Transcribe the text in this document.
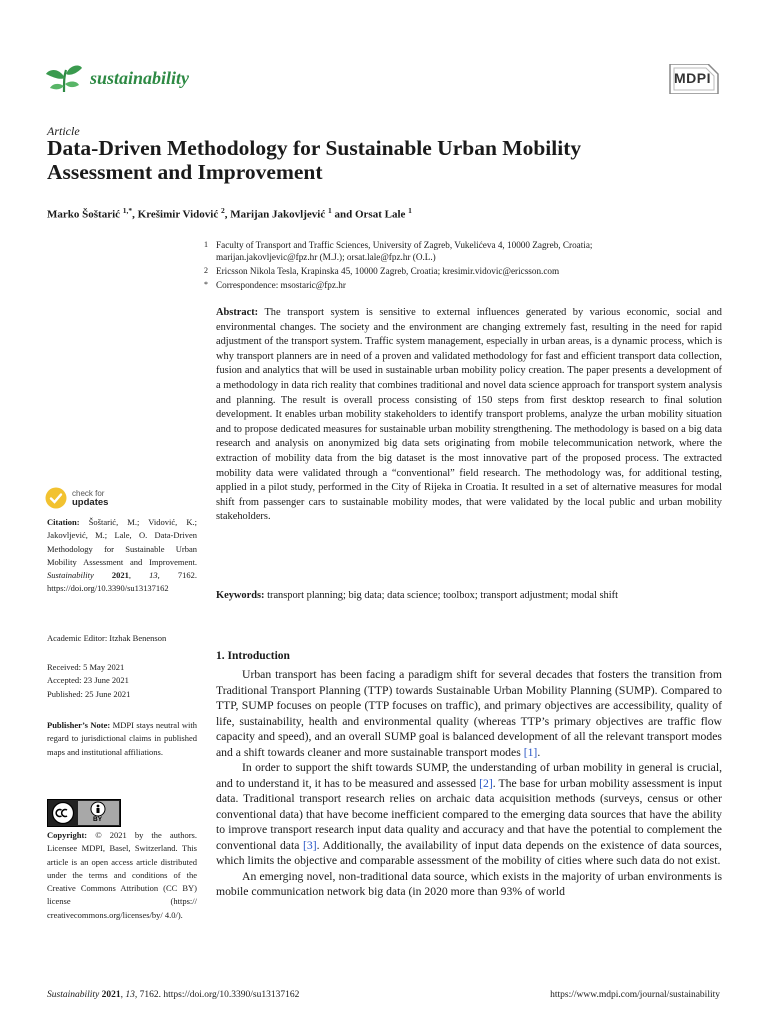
sustainability	MDPI
Article
Data-Driven Methodology for Sustainable Urban Mobility
Assessment and Improvement
Marko Šoštarić $^{1,*}$, Krešimir Vidović $^2$, Marijan Jakovljević $^1$ and Orsat Lale $^1$
1 Faculty of Transport and Traffic Sciences, University of Zagreb, Vukelićeva 4, 10000 Zagreb, Croatia;
marijan.jakovljevic@fpz.hr (M.J.); orsat.lale@fpz.hr (O.L.)
2 Ericsson Nikola Tesla, Krapinska 45, 10000 Zagreb, Croatia; kresimir.vidovic@ericsson.com
* Correspondence: msostaric@fpz.hr
Abstract: The transport system is sensitive to external influences generated by various economic, social and environmental changes. The society and the environment are changing extremely fast, resulting in the need for rapid adjustment of the transport system. Traffic system management, especially in urban areas, is a dynamic process, which is why transport planners are in need of a proven and validated methodology for fast and efficient transport data collection, fusion and analytics that will be used in sustainable urban mobility policy creation. The paper presents a development of a methodology in data rich reality that combines traditional and novel data science approach for transport system analysis and planning. The result is overall process consisting of 150 steps from first desktop research to final solution development. It enables urban mobility stakeholders to identify transport problems, analyze the urban mobility situation and to propose dedicated measures for sustainable urban mobility strengthening. The methodology is based on a big data research and analysis on anonymized big data sets originating from mobile telecommunication network, where the extraction of mobility data from the big dataset is the most innovative part of the proposed process. The extracted mobility data were validated through a “conventional” field research. The methodology was, for additional testing, applied in a pilot study, performed in the City of Rijeka in Croatia. It resulted in a set of alternative measures for modal shift from passenger cars to sustainable mobility modes, that were validated by the local public and urban mobility stakeholders.
Keywords: transport planning; big data; data science; toolbox; transport adjustment; modal shift
1. Introduction

Urban transport has been facing a paradigm shift for several decades that fosters the transition from Traditional Transport Planning (TTP) towards Sustainable Urban Mobility Planning (SUMP). Compared to TTP, SUMP focuses on people (TTP focuses on traffic), and primary objectives are accessibility, quality of life, sustainability, health and environmental quality (whereas TTP’s primary objectives are traffic flow capacity and speed), and an overall SUMP goal is balanced development of all the relevant transport modes and a shift towards cleaner and more sustainable transport modes [1].

In order to support the shift towards SUMP, the understanding of urban mobility in general is crucial, and to understand it, it has to be measured and assessed [2]. The base for urban mobility assessment is input data. Traditional transport research relies on archaic data acquisition methods (surveys, census or other conventional data) that have become inefficient compared to the emerging data sources that have the ability to improve transport research input data quality and accuracy and that have the potential to complement the conventional data [3]. Additionally, the availability of input data depends on the existence of data sources, which limits the objective and comparable assessment of the mobility of cities where such data do not exist.

An emerging novel, non-traditional data source, which exists in the majority of urban environments is mobile communication network big data (in 2020 more than 93% of world

check for
updates
Citation: Šoštarić, M.; Vidović, K.; Jakovljević, M.; Lale, O. Data-Driven Methodology for Sustainable Urban Mobility Assessment and Improvement. Sustainability 2021, 13, 7162. https://doi.org/10.3390/su13137162
Academic Editor: Itzhak Benenson
Received: 5 May 2021
Accepted: 23 June 2021
Published: 25 June 2021
Publisher’s Note: MDPI stays neutral with regard to jurisdictional claims in published maps and institutional affiliations.
BY
Copyright: © 2021 by the authors. Licensee MDPI, Basel, Switzerland. This article is an open access article distributed under the terms and conditions of the Creative Commons Attribution (CC BY) license (https:// creativecommons.org/licenses/by/ 4.0/).
Sustainability 2021, 13, 7162. https://doi.org/10.3390/su13137162	https://www.mdpi.com/journal/sustainability
